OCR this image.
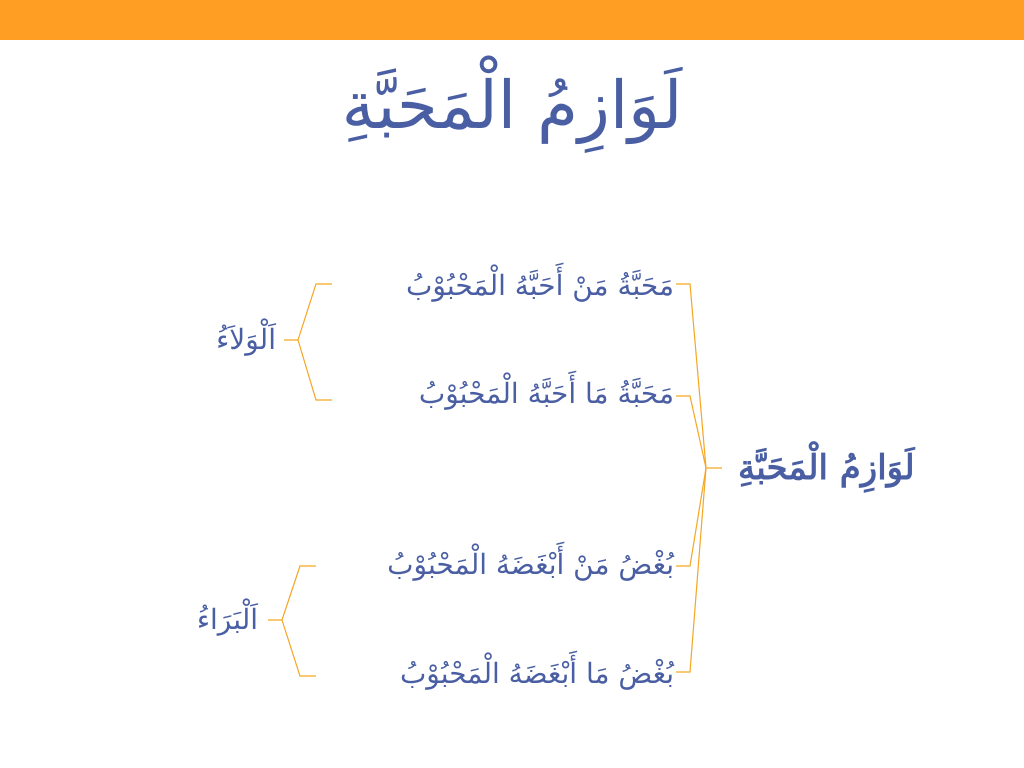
لَوَازِمُ الْمَحَبَّةِ
لَوَازِمُ الْمَحَبَّةِ
مَحَبَّةُ مَنْ أَحَبَّهُ الْمَحْبُوْبُ
مَحَبَّةُ مَا أَحَبَّهُ الْمَحْبُوْبُ
اَلْوَلاَءُ
بُغْضُ مَنْ أَبْغَضَهُ الْمَحْبُوْبُ
بُغْضُ مَا أَبْغَضَهُ الْمَحْبُوْبُ
اَلْبَرَاءُ
